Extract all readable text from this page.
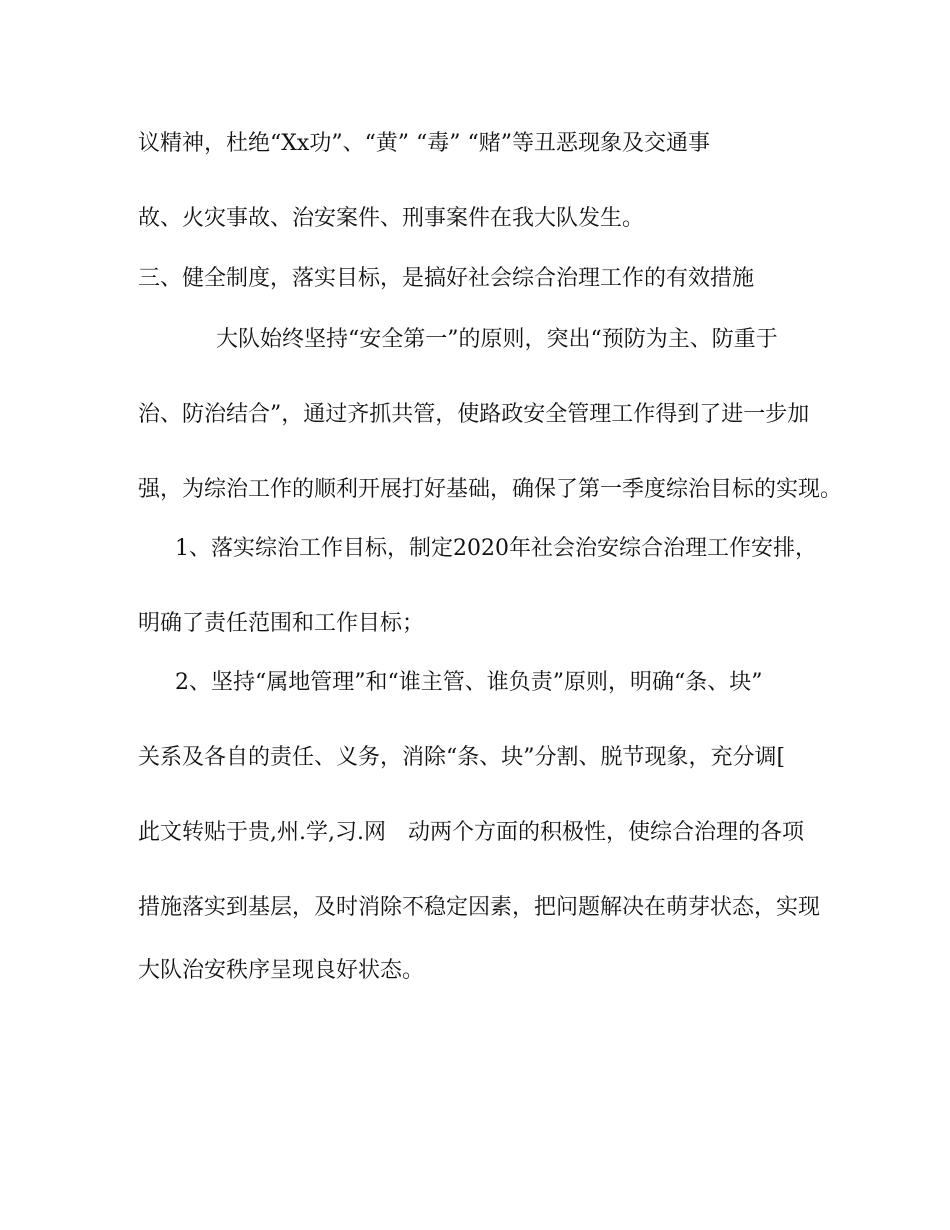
议精神，杜绝“Xx功”、“黄” “毒” “赌”等丑恶现象及交通事
故、火灾事故、治安案件、刑事案件在我大队发生。
三、健全制度，落实目标，是搞好社会综合治理工作的有效措施
大队始终坚持“安全第一”的原则，突出“预防为主、防重于
治、防治结合”，通过齐抓共管，使路政安全管理工作得到了进一步加
强，为综治工作的顺利开展打好基础，确保了第一季度综治目标的实现。
1、落实综治工作目标，制定2020年社会治安综合治理工作安排，
明确了责任范围和工作目标；
2、坚持“属地管理”和“谁主管、谁负责”原则，明确“条、块”
关系及各自的责任、义务，消除“条、块”分割、脱节现象，充分调[
此文转贴于贵,州.学,习.网　动两个方面的积极性，使综合治理的各项
措施落实到基层，及时消除不稳定因素，把问题解决在萌芽状态，实现
大队治安秩序呈现良好状态。
